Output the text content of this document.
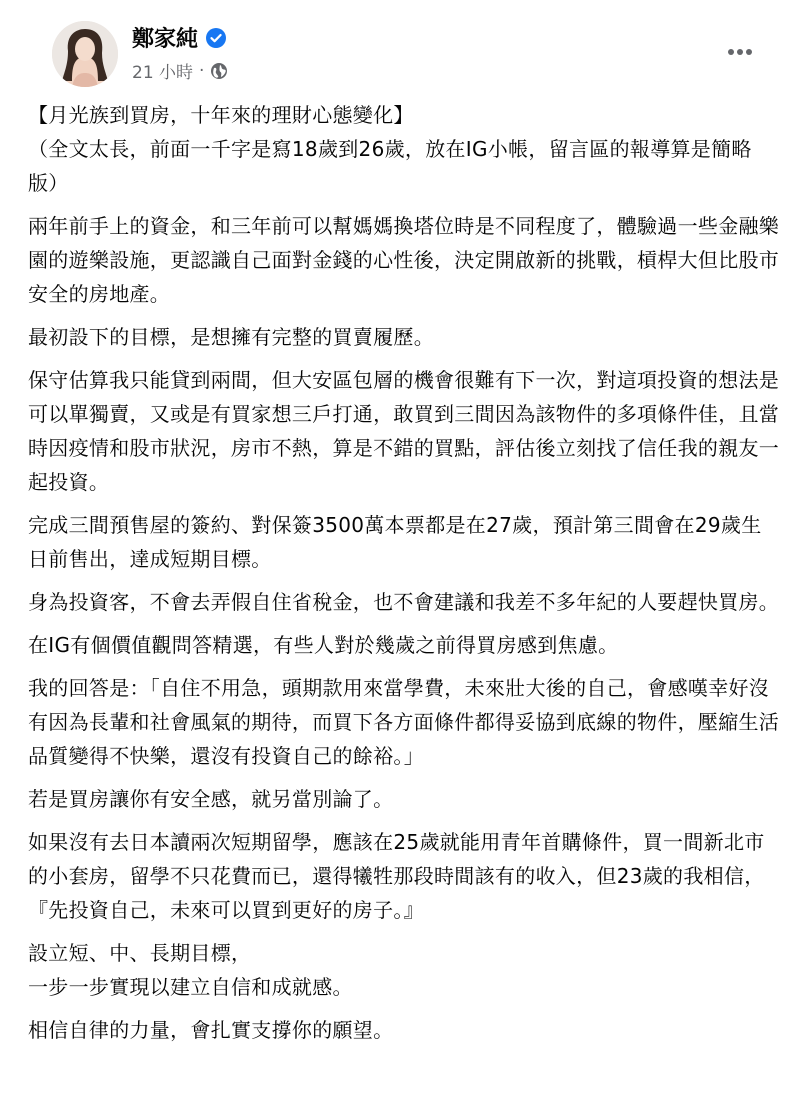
鄭家純
21 小時 ·

【月光族到買房，十年來的理財心態變化】
（全文太長，前面一千字是寫18歲到26歲，放在IG小帳，留言區的報導算是簡略版）

兩年前手上的資金，和三年前可以幫媽媽換塔位時是不同程度了，體驗過一些金融樂園的遊樂設施，更認識自己面對金錢的心性後，決定開啟新的挑戰，槓桿大但比股市安全的房地產。

最初設下的目標，是想擁有完整的買賣履歷。

保守估算我只能貸到兩間，但大安區包層的機會很難有下一次，對這項投資的想法是可以單獨賣，又或是有買家想三戶打通，敢買到三間因為該物件的多項條件佳，且當時因疫情和股市狀況，房市不熱，算是不錯的買點，評估後立刻找了信任我的親友一起投資。

完成三間預售屋的簽約、對保簽3500萬本票都是在27歲，預計第三間會在29歲生日前售出，達成短期目標。

身為投資客，不會去弄假自住省稅金，也不會建議和我差不多年紀的人要趕快買房。

在IG有個價值觀問答精選，有些人對於幾歲之前得買房感到焦慮。

我的回答是：「自住不用急，頭期款用來當學費，未來壯大後的自己，會感嘆幸好沒有因為長輩和社會風氣的期待，而買下各方面條件都得妥協到底線的物件，壓縮生活品質變得不快樂，還沒有投資自己的餘裕。」

若是買房讓你有安全感，就另當別論了。

如果沒有去日本讀兩次短期留學，應該在25歲就能用青年首購條件，買一間新北市的小套房，留學不只花費而已，還得犧牲那段時間該有的收入，但23歲的我相信，『先投資自己，未來可以買到更好的房子。』

設立短、中、長期目標，
一步一步實現以建立自信和成就感。

相信自律的力量，會扎實支撐你的願望。
